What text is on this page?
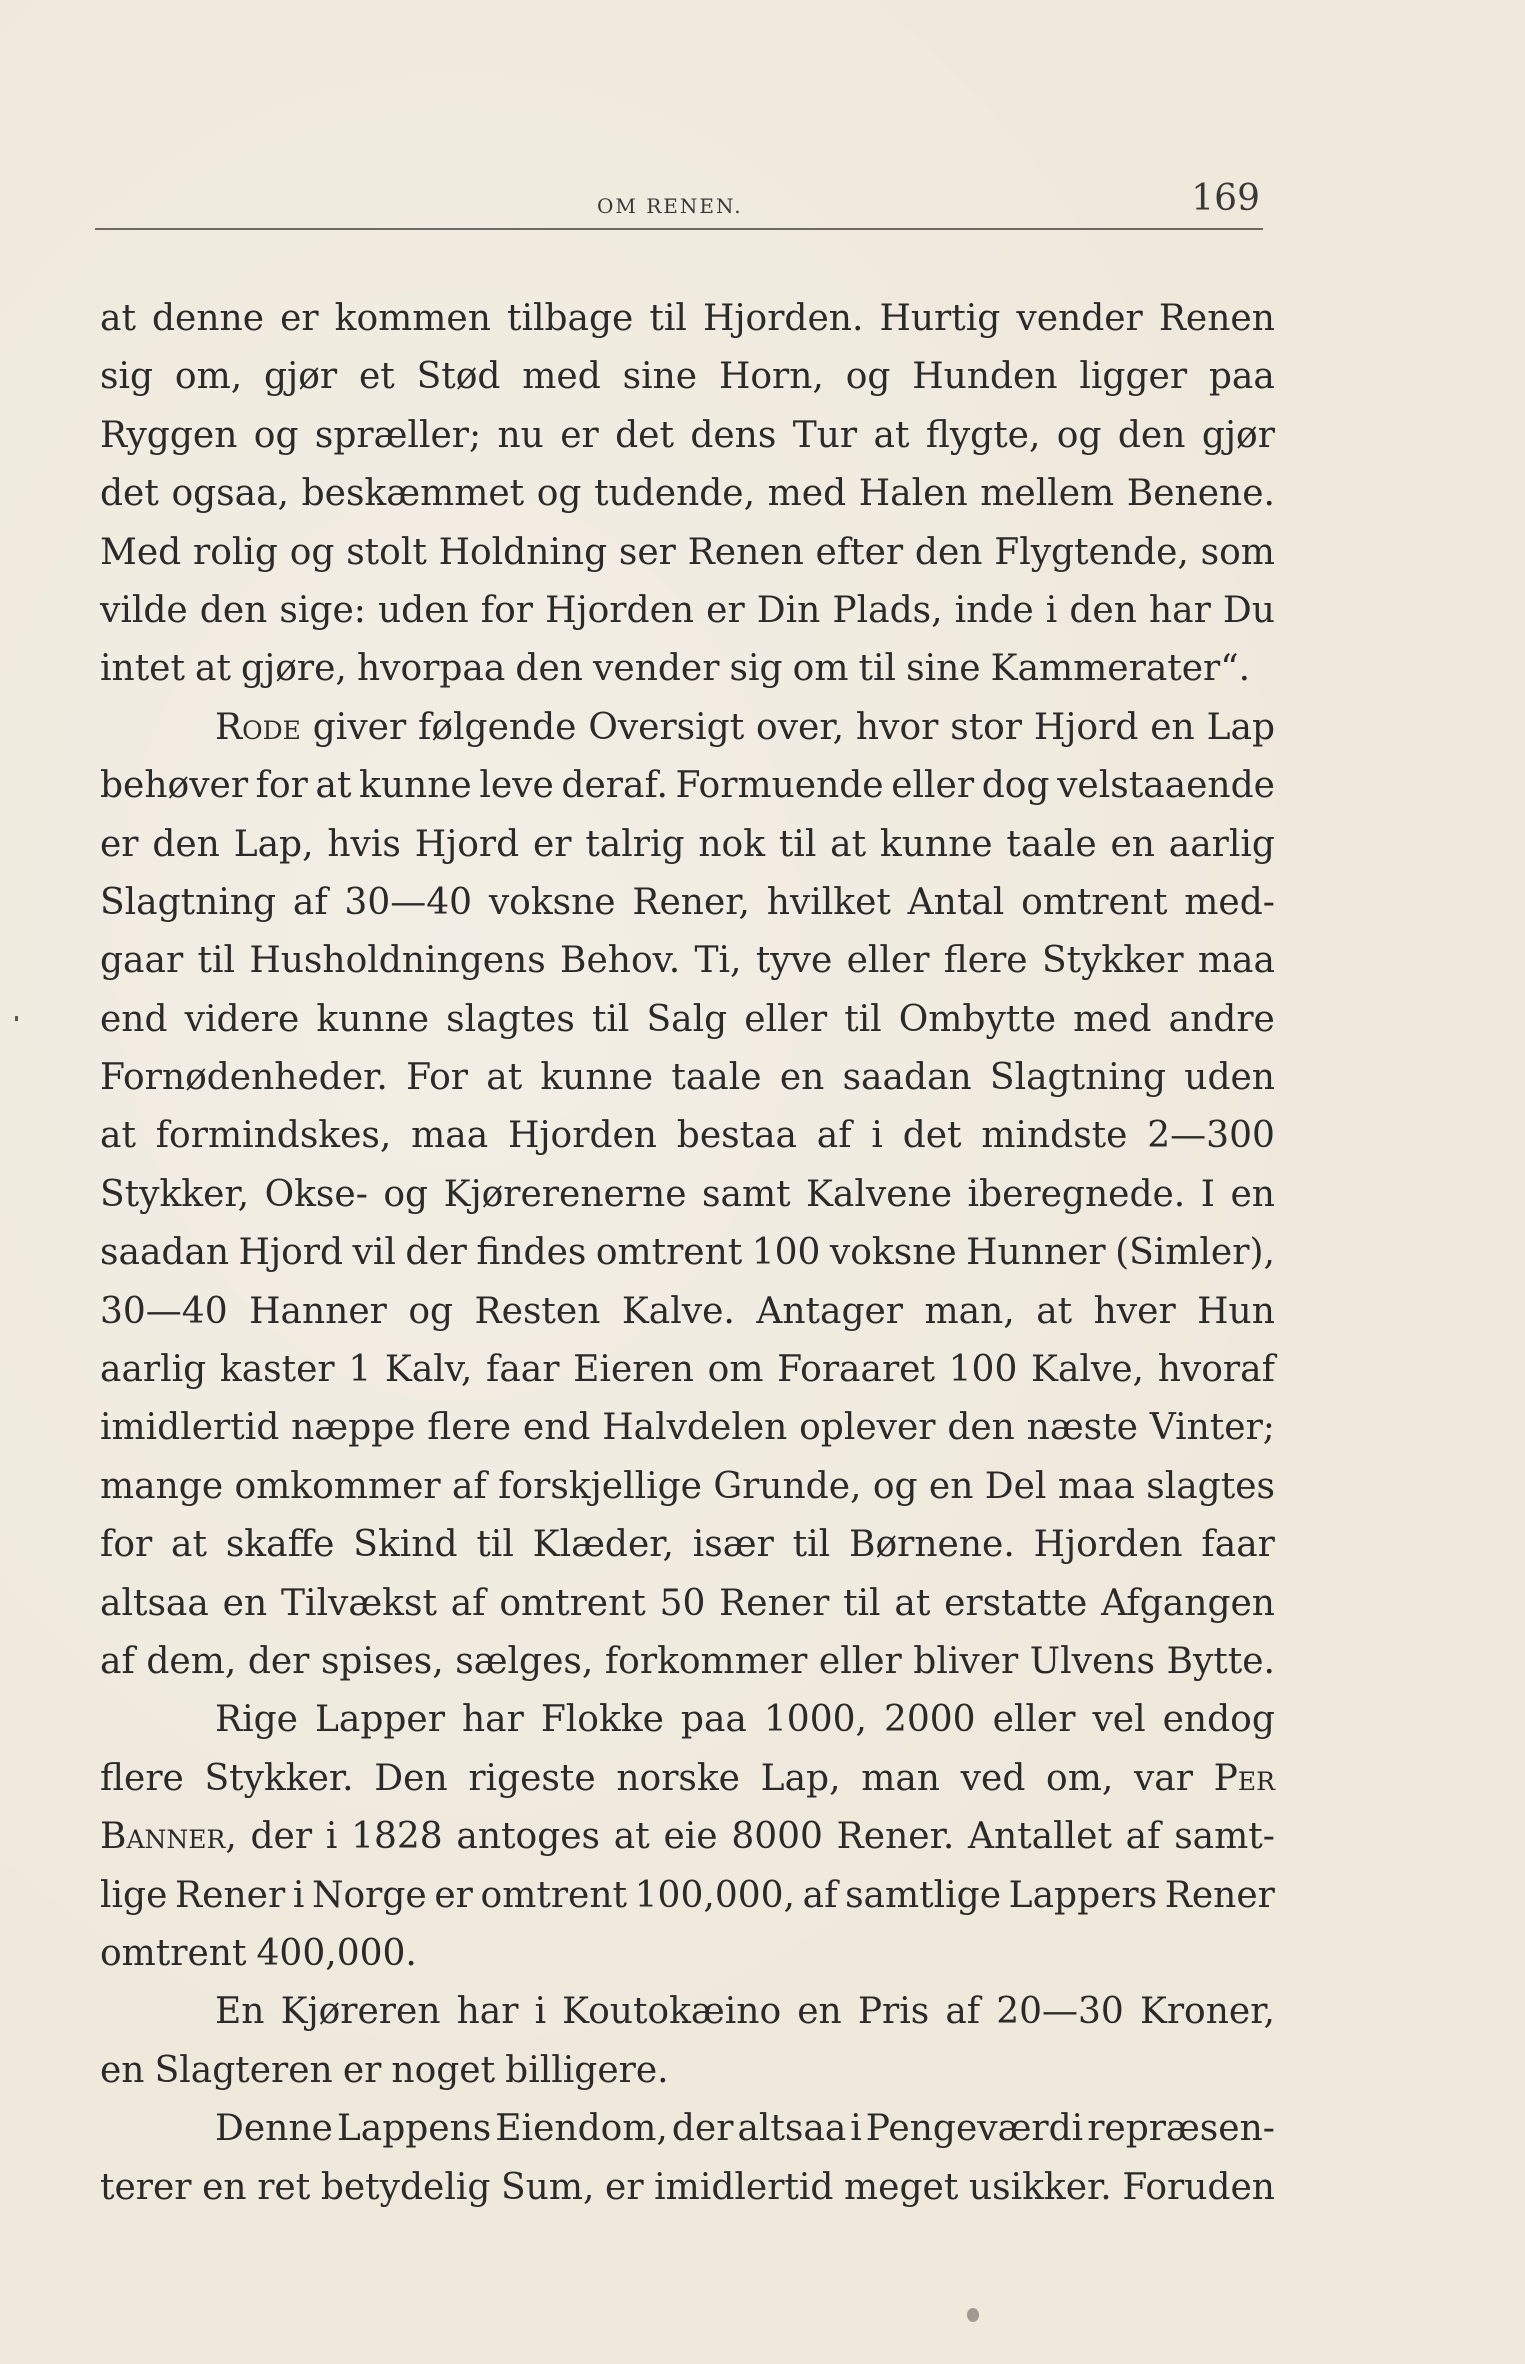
OM RENEN.	169
at denne er kommen tilbage til Hjorden. Hurtig vender Renen
sig om, gjør et Stød med sine Horn, og Hunden ligger paa
Ryggen og spræller; nu er det dens Tur at flygte, og den gjør
det ogsaa, beskæmmet og tudende, med Halen mellem Benene.
Med rolig og stolt Holdning ser Renen efter den Flygtende, som
vilde den sige: uden for Hjorden er Din Plads, inde i den har Du
intet at gjøre, hvorpaa den vender sig om til sine Kammerater“.
Rode giver følgende Oversigt over, hvor stor Hjord en Lap
behøver for at kunne leve deraf. Formuende eller dog velstaaende
er den Lap, hvis Hjord er talrig nok til at kunne taale en aarlig
Slagtning af 30—40 voksne Rener, hvilket Antal omtrent med-
gaar til Husholdningens Behov. Ti, tyve eller flere Stykker maa
end videre kunne slagtes til Salg eller til Ombytte med andre
Fornødenheder. For at kunne taale en saadan Slagtning uden
at formindskes, maa Hjorden bestaa af i det mindste 2—300
Stykker, Okse- og Kjørerenerne samt Kalvene iberegnede. I en
saadan Hjord vil der findes omtrent 100 voksne Hunner (Simler),
30—40 Hanner og Resten Kalve. Antager man, at hver Hun
aarlig kaster 1 Kalv, faar Eieren om Foraaret 100 Kalve, hvoraf
imidlertid næppe flere end Halvdelen oplever den næste Vinter;
mange omkommer af forskjellige Grunde, og en Del maa slagtes
for at skaffe Skind til Klæder, især til Børnene. Hjorden faar
altsaa en Tilvækst af omtrent 50 Rener til at erstatte Afgangen
af dem, der spises, sælges, forkommer eller bliver Ulvens Bytte.
Rige Lapper har Flokke paa 1000, 2000 eller vel endog
flere Stykker. Den rigeste norske Lap, man ved om, var Per
Banner, der i 1828 antoges at eie 8000 Rener. Antallet af samt-
lige Rener i Norge er omtrent 100,000, af samtlige Lappers Rener
omtrent 400,000.
En Kjøreren har i Koutokæino en Pris af 20—30 Kroner,
en Slagteren er noget billigere.
Denne Lappens Eiendom, der altsaa i Pengeværdi repræsen-
terer en ret betydelig Sum, er imidlertid meget usikker. Foruden
